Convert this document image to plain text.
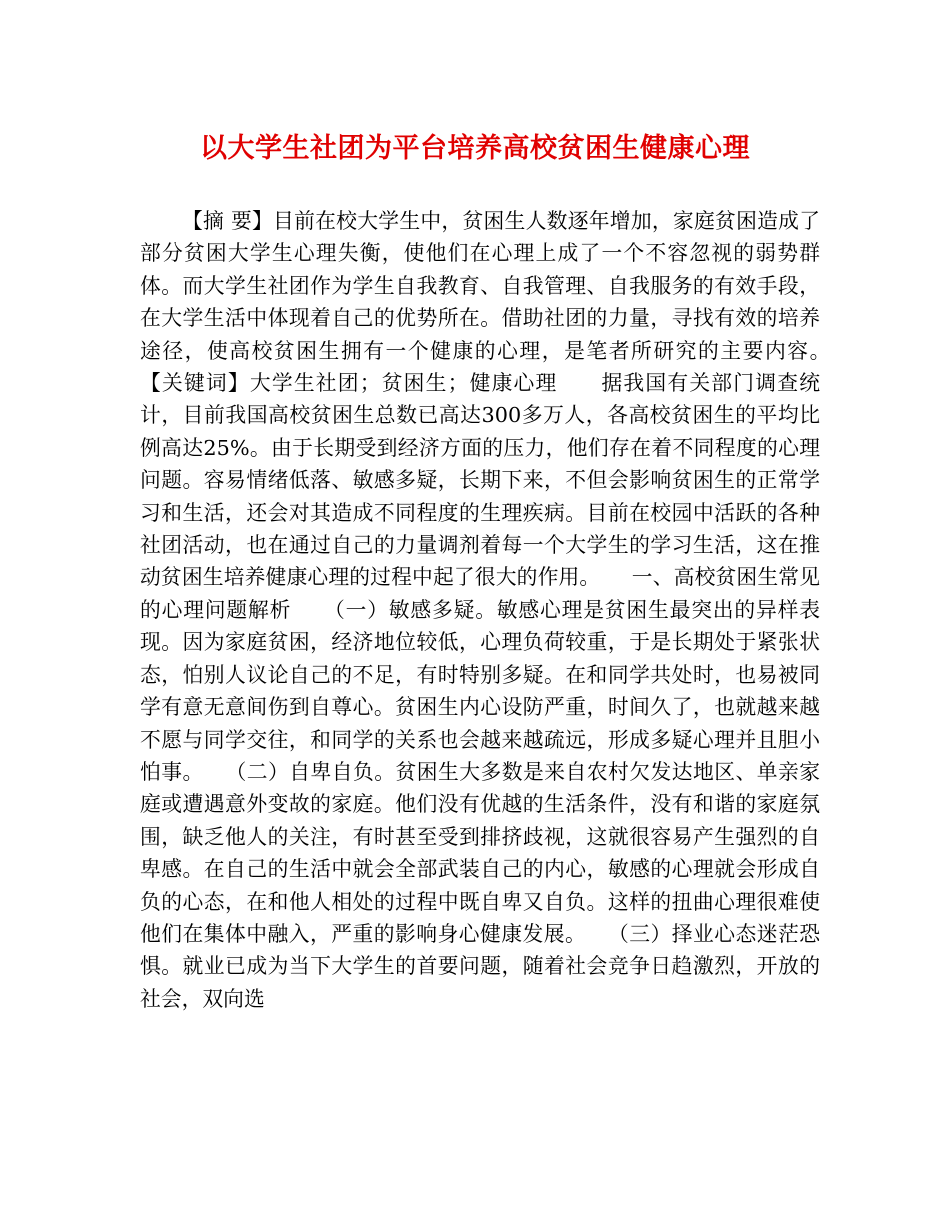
以大学生社团为平台培养高校贫困生健康心理

【摘 要】目前在校大学生中，贫困生人数逐年增加，家庭贫困造成了部分贫困大学生心理失衡，使他们在心理上成了一个不容忽视的弱势群体。而大学生社团作为学生自我教育、自我管理、自我服务的有效手段，在大学生活中体现着自己的优势所在。借助社团的力量，寻找有效的培养途径，使高校贫困生拥有一个健康的心理，是笔者所研究的主要内容。　　【关键词】大学生社团；贫困生；健康心理　　据我国有关部门调查统计，目前我国高校贫困生总数已高达300多万人，各高校贫困生的平均比例高达25%。由于长期受到经济方面的压力，他们存在着不同程度的心理问题。容易情绪低落、敏感多疑，长期下来，不但会影响贫困生的正常学习和生活，还会对其造成不同程度的生理疾病。目前在校园中活跃的各种社团活动，也在通过自己的力量调剂着每一个大学生的学习生活，这在推动贫困生培养健康心理的过程中起了很大的作用。　　一、高校贫困生常见的心理问题解析　　（一）敏感多疑。敏感心理是贫困生最突出的异样表现。因为家庭贫困，经济地位较低，心理负荷较重，于是长期处于紧张状态，怕别人议论自己的不足，有时特别多疑。在和同学共处时，也易被同学有意无意间伤到自尊心。贫困生内心设防严重，时间久了，也就越来越不愿与同学交往，和同学的关系也会越来越疏远，形成多疑心理并且胆小怕事。　　（二）自卑自负。贫困生大多数是来自农村欠发达地区、单亲家庭或遭遇意外变故的家庭。他们没有优越的生活条件，没有和谐的家庭氛围，缺乏他人的关注，有时甚至受到排挤歧视，这就很容易产生强烈的自卑感。在自己的生活中就会全部武装自己的内心，敏感的心理就会形成自负的心态，在和他人相处的过程中既自卑又自负。这样的扭曲心理很难使他们在集体中融入，严重的影响身心健康发展。　　（三）择业心态迷茫恐惧。就业已成为当下大学生的首要问题，随着社会竞争日趋激烈，开放的社会，双向选
